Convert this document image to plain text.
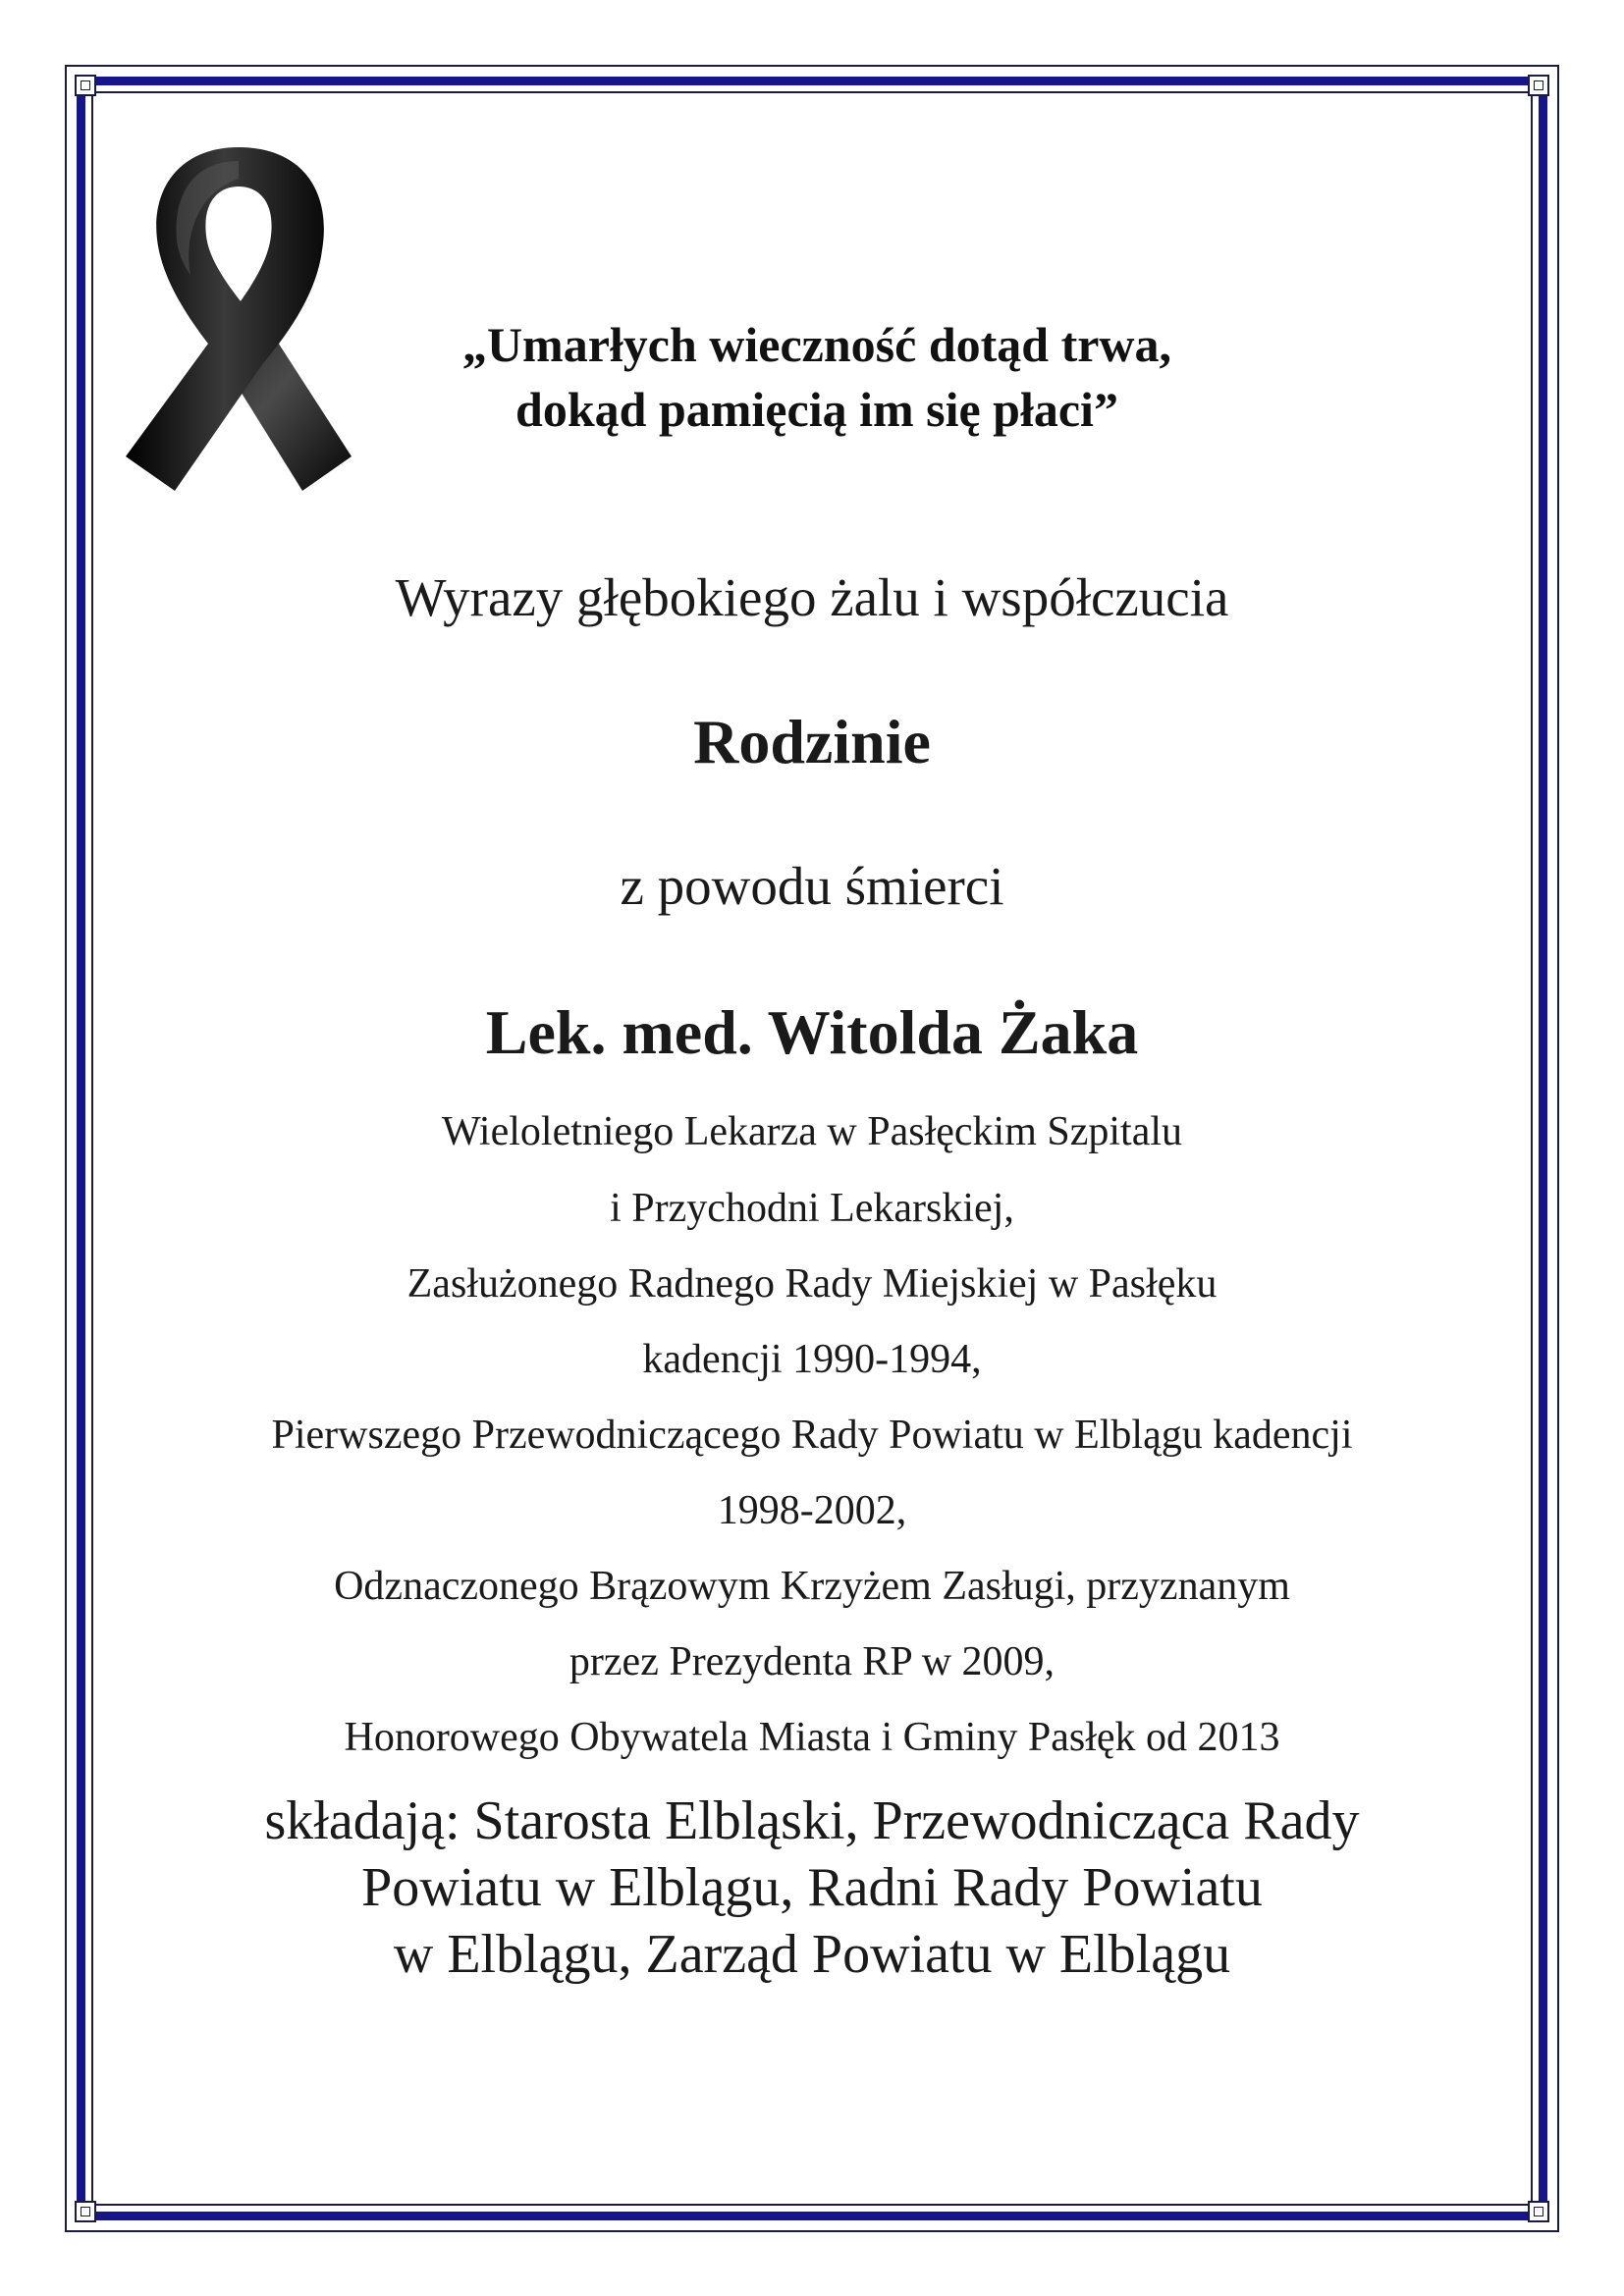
„Umarłych wieczność dotąd trwa,

dokąd pamięcią im się płaci”

Wyrazy głębokiego żalu i współczucia

Rodzinie

z powodu śmierci

Lek. med. Witolda Żaka

Wieloletniego Lekarza w Pasłęckim Szpitalu

i Przychodni Lekarskiej,

Zasłużonego Radnego Rady Miejskiej w Pasłęku

kadencji 1990-1994,

Pierwszego Przewodniczącego Rady Powiatu w Elblągu kadencji

1998-2002,

Odznaczonego Brązowym Krzyżem Zasługi, przyznanym

przez Prezydenta RP w 2009,

Honorowego Obywatela Miasta i Gminy Pasłęk od 2013

składają: Starosta Elbląski, Przewodnicząca Rady

Powiatu w Elblągu, Radni Rady Powiatu

w Elblągu, Zarząd Powiatu w Elblągu
